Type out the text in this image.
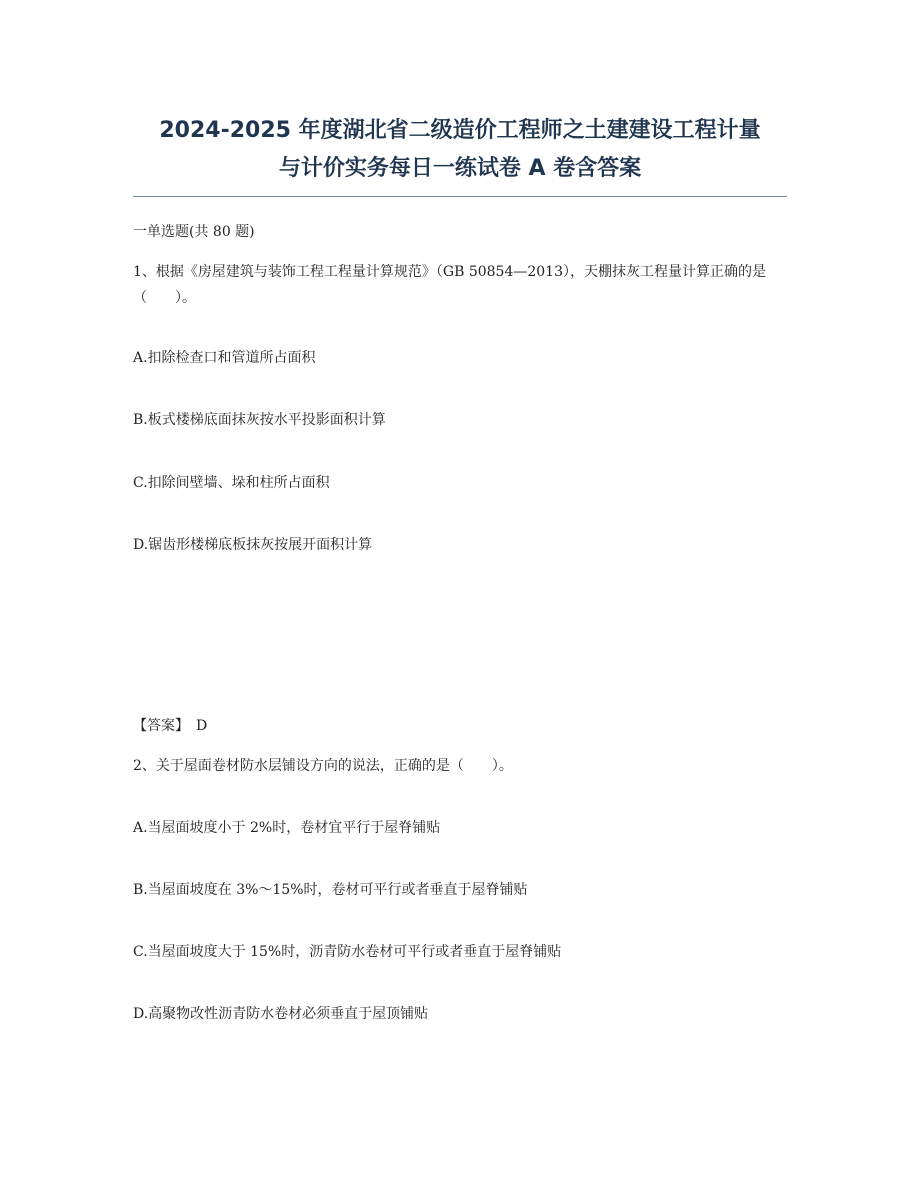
2024-2025 年度湖北省二级造价工程师之土建建设工程计量
与计价实务每日一练试卷 A 卷含答案

一单选题(共 80 题)

1、根据《房屋建筑与装饰工程工程量计算规范》（GB 50854—2013），天棚抹灰工程量计算正确的是（　　）。

A.扣除检查口和管道所占面积

B.板式楼梯底面抹灰按水平投影面积计算

C.扣除间壁墙、垛和柱所占面积

D.锯齿形楼梯底板抹灰按展开面积计算

【答案】　D

2、关于屋面卷材防水层铺设方向的说法，正确的是（　　）。

A.当屋面坡度小于 2%时，卷材宜平行于屋脊铺贴

B.当屋面坡度在 3%～15%时，卷材可平行或者垂直于屋脊铺贴

C.当屋面坡度大于 15%时，沥青防水卷材可平行或者垂直于屋脊铺贴

D.高聚物改性沥青防水卷材必须垂直于屋顶铺贴
